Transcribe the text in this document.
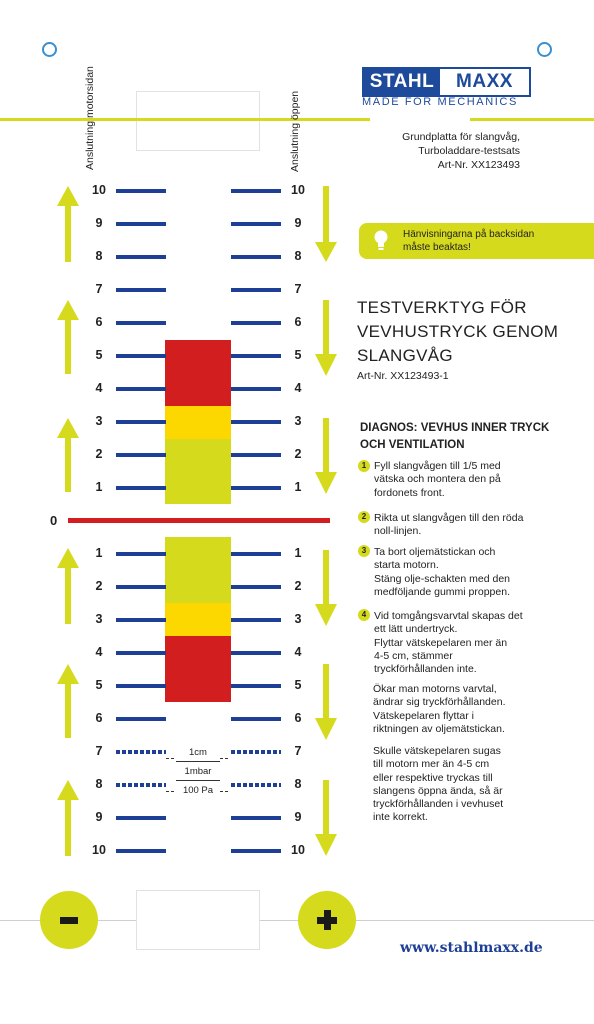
STAHL	MAXX
MADE FOR MECHANICS
Anslutning motorsidan	Anslutning öppen	Grundplatta för slangvåg,
Turboladdare-testsats
Art-Nr. XX123493
Hänvisningarna på backsidan
måste beaktas!
TESTVERKTYG FÖR
VEVHUSTRYCK GENOM
SLANGVÅG
Art-Nr. XX123493-1
DIAGNOS: VEVHUS INNER TRYCK
OCH VENTILATION
1 Fyll slangvågen till 1/5 med
vätska och montera den på
fordonets front.
2 Rikta ut slangvågen till den röda
noll-linjen.
3 Ta bort oljemätstickan och
starta motorn.
Stäng olje-schakten med den
medföljande gummi proppen.
4 Vid tomgångsvarvtal skapas det
ett lätt undertryck.
Flyttar vätskepelaren mer än
4-5 cm, stämmer
tryckförhållanden inte.
Ökar man motorns varvtal,
ändrar sig tryckförhållanden.
Vätskepelaren flyttar i
riktningen av oljemätstickan.
Skulle vätskepelaren sugas
till motorn mer än 4-5 cm
eller respektive tryckas till
slangens öppna ända, så är
tryckförhållanden i vevhuset
inte korrekt.
0
10	10
9	9
8	8
7	7
6	6
5	5
4	4
3	3
2	2
1	1
1	1
2	2
3	3
4	4
5	5
6	6
7	7
8	8
9	9
10	10
1cm
1mbar
100 Pa
www.stahlmaxx.de
